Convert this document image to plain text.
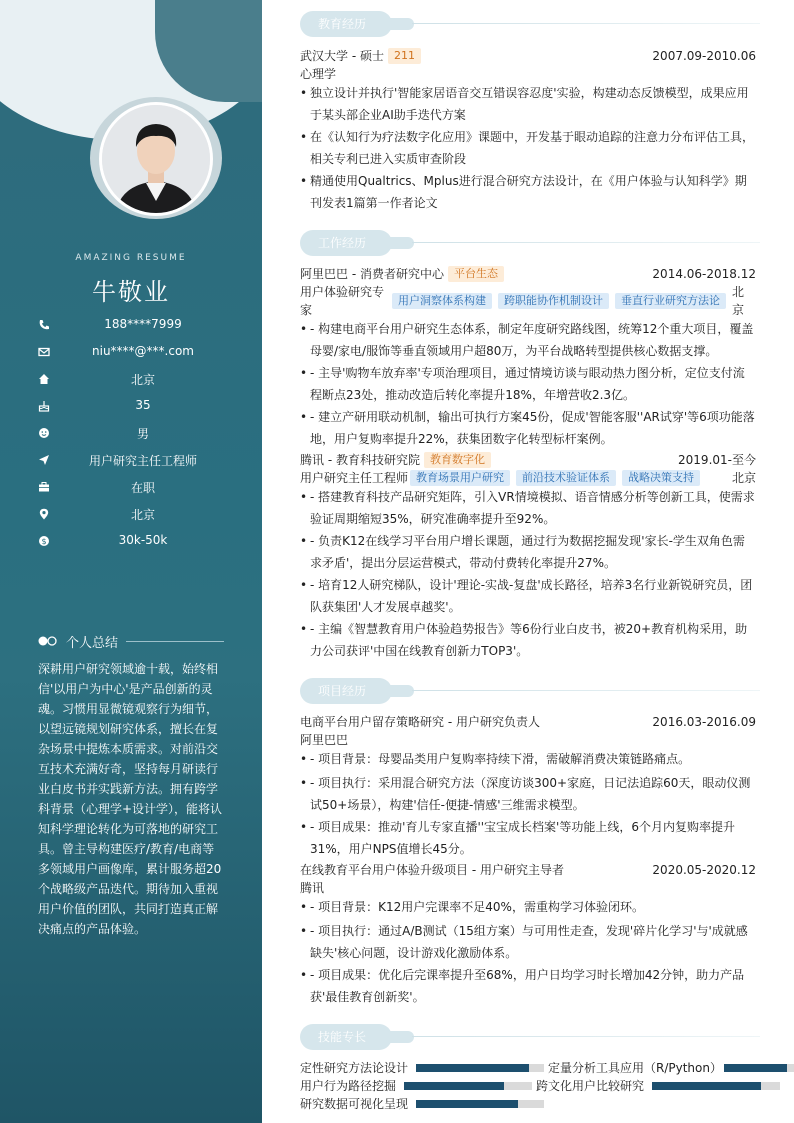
AMAZING RESUME
牛敬业
188****7999
niu****@***.com
北京
35
男
用户研究主任工程师
在职
北京
$	30k-50k
个人总结
深耕用户研究领域逾十载，始终相信'以用户为中心'是产品创新的灵魂。习惯用显微镜观察行为细节，以望远镜规划研究体系，擅长在复杂场景中提炼本质需求。对前沿交互技术充满好奇，坚持每月研读行业白皮书并实践新方法。拥有跨学科背景（心理学+设计学），能将认知科学理论转化为可落地的研究工具。曾主导构建医疗/教育/电商等多领域用户画像库，累计服务超20个战略级产品迭代。期待加入重视用户价值的团队，共同打造真正解决痛点的产品体验。
教育经历
武汉大学 - 硕士 211	2007.09-2010.06
心理学
• 独立设计并执行'智能家居语音交互错误容忍度'实验，构建动态反馈模型，成果应用于某头部企业AI助手迭代方案
• 在《认知行为疗法数字化应用》课题中，开发基于眼动追踪的注意力分布评估工具，相关专利已进入实质审查阶段
• 精通使用Qualtrics、Mplus进行混合研究方法设计，在《用户体验与认知科学》期刊发表1篇第一作者论文
工作经历
阿里巴巴 - 消费者研究中心 平台生态	2014.06-2018.12
用户体验研究专家
用户洞察体系构建 跨职能协作机制设计 垂直行业研究方法论
北京
• - 构建电商平台用户研究生态体系，制定年度研究路线图，统筹12个重大项目，覆盖母婴/家电/服饰等垂直领域用户超80万，为平台战略转型提供核心数据支撑。
• - 主导'购物车放弃率'专项治理项目，通过情境访谈与眼动热力图分析，定位支付流程断点23处，推动改造后转化率提升18%，年增营收2.3亿。
• - 建立产研用联动机制，输出可执行方案45份，促成'智能客服''AR试穿'等6项功能落地，用户复购率提升22%，获集团数字化转型标杆案例。
腾讯 - 教育科技研究院 教育数字化	2019.01-至今
用户研究主任工程师 教育场景用户研究 前沿技术验证体系 战略决策支持	北京
• - 搭建教育科技产品研究矩阵，引入VR情境模拟、语音情感分析等创新工具，使需求验证周期缩短35%，研究准确率提升至92%。
• - 负责K12在线学习平台用户增长课题，通过行为数据挖掘发现'家长-学生双角色需求矛盾'，提出分层运营模式，带动付费转化率提升27%。
• - 培育12人研究梯队，设计'理论-实战-复盘'成长路径，培养3名行业新锐研究员，团队获集团'人才发展卓越奖'。
• - 主编《智慧教育用户体验趋势报告》等6份行业白皮书，被20+教育机构采用，助力公司获评'中国在线教育创新力TOP3'。
项目经历
电商平台用户留存策略研究 - 用户研究负责人	2016.03-2016.09
阿里巴巴
• - 项目背景：母婴品类用户复购率持续下滑，需破解消费决策链路痛点。
• - 项目执行：采用混合研究方法（深度访谈300+家庭，日记法追踪60天，眼动仪测试50+场景），构建'信任-便捷-情感'三维需求模型。
• - 项目成果：推动'育儿专家直播''宝宝成长档案'等功能上线，6个月内复购率提升31%，用户NPS值增长45分。
在线教育平台用户体验升级项目 - 用户研究主导者	2020.05-2020.12
腾讯
• - 项目背景：K12用户完课率不足40%，需重构学习体验闭环。
• - 项目执行：通过A/B测试（15组方案）与可用性走查，发现'碎片化学习'与'成就感缺失'核心问题，设计游戏化激励体系。
• - 项目成果：优化后完课率提升至68%，用户日均学习时长增加42分钟，助力产品获'最佳教育创新奖'。
技能专长
定性研究方法论设计	定量分析工具应用（R/Python）
用户行为路径挖掘	跨文化用户比较研究
研究数据可视化呈现
